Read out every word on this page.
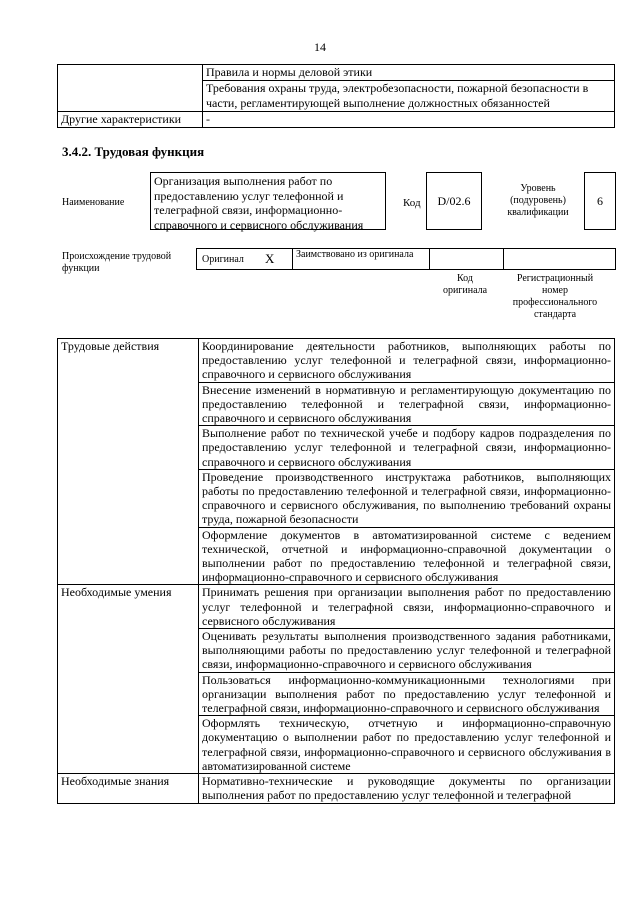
14
	Правила и нормы деловой этики
	Требования охраны труда, электробезопасности, пожарной безопасности в части, регламентирующей выполнение должностных обязанностей
Другие характеристики	-
3.4.2. Трудовая функция
Наименование
Организация выполнения работ по предоставлению услуг телефонной и телеграфной связи, информационно-справочного и сервисного обслуживания
Код	D/02.6
Уровень (подуровень) квалификации
6
Происхождение трудовой функции
Оригинал X Заимствовано из оригинала
Код оригинала
Регистрационный номер профессионального стандарта
Трудовые действия	Координирование деятельности работников, выполняющих работы по предоставлению услуг телефонной и телеграфной связи, информационно-справочного и сервисного обслуживания
	Внесение изменений в нормативную и регламентирующую документацию по предоставлению телефонной и телеграфной связи, информационно-справочного и сервисного обслуживания
	Выполнение работ по технической учебе и подбору кадров подразделения по предоставлению услуг телефонной и телеграфной связи, информационно-справочного и сервисного обслуживания
	Проведение производственного инструктажа работников, выполняющих работы по предоставлению телефонной и телеграфной связи, информационно-справочного и сервисного обслуживания, по выполнению требований охраны труда, пожарной безопасности
	Оформление документов в автоматизированной системе с ведением технической, отчетной и информационно-справочной документации о выполнении работ по предоставлению телефонной и телеграфной связи, информационно-справочного и сервисного обслуживания
Необходимые умения	Принимать решения при организации выполнения работ по предоставлению услуг телефонной и телеграфной связи, информационно-справочного и сервисного обслуживания
	Оценивать результаты выполнения производственного задания работниками, выполняющими работы по предоставлению услуг телефонной и телеграфной связи, информационно-справочного и сервисного обслуживания
	Пользоваться информационно-коммуникационными технологиями при организации выполнения работ по предоставлению услуг телефонной и телеграфной связи, информационно-справочного и сервисного обслуживания
	Оформлять техническую, отчетную и информационно-справочную документацию о выполнении работ по предоставлению услуг телефонной и телеграфной связи, информационно-справочного и сервисного обслуживания в автоматизированной системе
Необходимые знания	Нормативно-технические и руководящие документы по организации выполнения работ по предоставлению услуг телефонной и телеграфной
